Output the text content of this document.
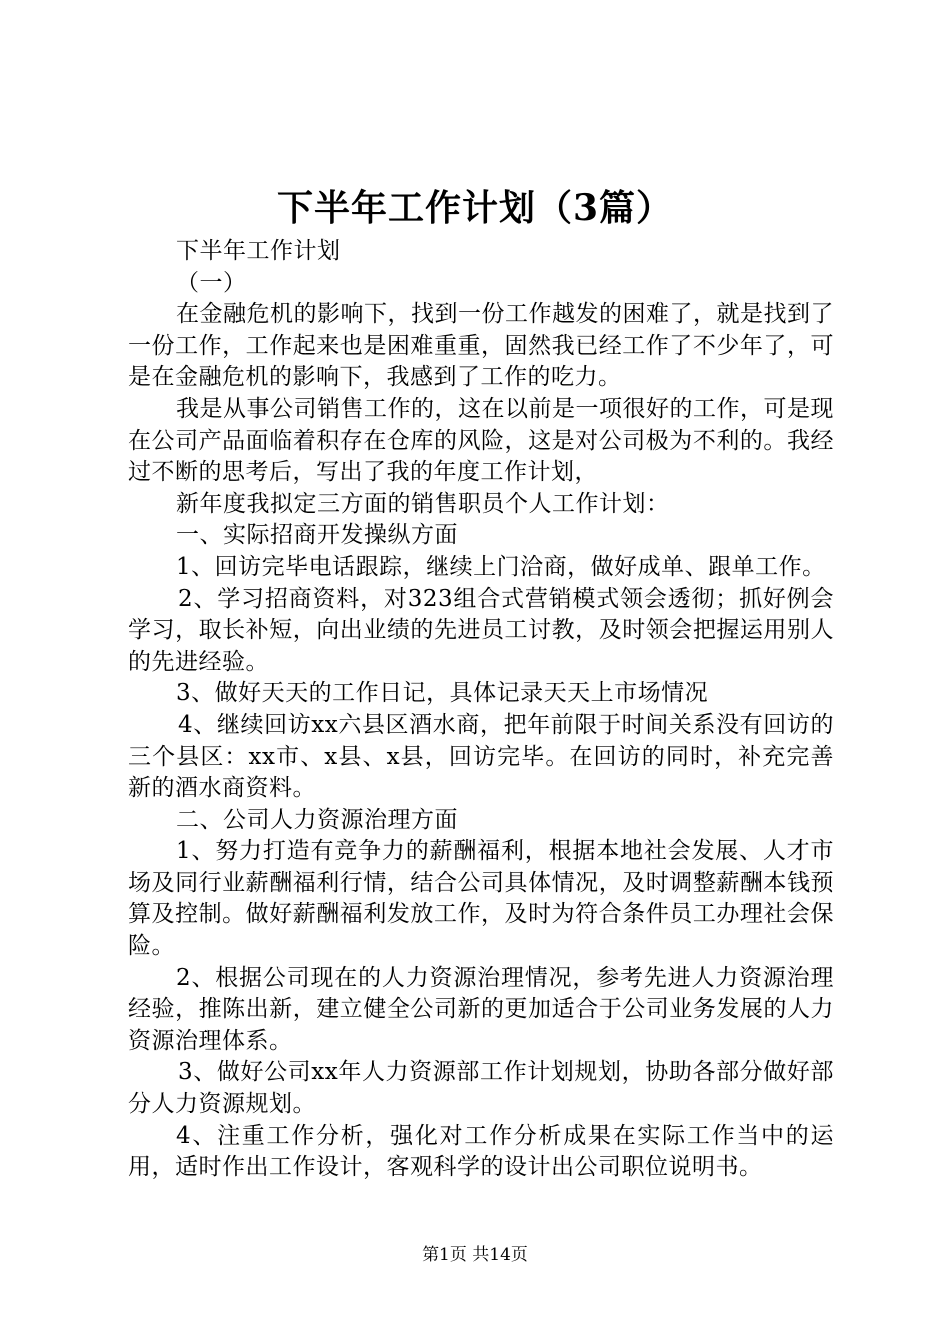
下半年工作计划（3篇）

下半年工作计划

（一）

在金融危机的影响下，找到一份工作越发的困难了，就是找到了一份工作，工作起来也是困难重重，固然我已经工作了不少年了，可是在金融危机的影响下，我感到了工作的吃力。

我是从事公司销售工作的，这在以前是一项很好的工作，可是现在公司产品面临着积存在仓库的风险，这是对公司极为不利的。我经过不断的思考后，写出了我的年度工作计划，

新年度我拟定三方面的销售职员个人工作计划：

一、实际招商开发操纵方面

1、回访完毕电话跟踪，继续上门洽商，做好成单、跟单工作。

2、学习招商资料，对323组合式营销模式领会透彻；抓好例会学习，取长补短，向出业绩的先进员工讨教，及时领会把握运用别人的先进经验。

3、做好天天的工作日记，具体记录天天上市场情况

4、继续回访xx六县区酒水商，把年前限于时间关系没有回访的三个县区：xx市、x县、x县，回访完毕。在回访的同时，补充完善新的酒水商资料。

二、公司人力资源治理方面

1、努力打造有竞争力的薪酬福利，根据本地社会发展、人才市场及同行业薪酬福利行情，结合公司具体情况，及时调整薪酬本钱预算及控制。做好薪酬福利发放工作，及时为符合条件员工办理社会保险。

2、根据公司现在的人力资源治理情况，参考先进人力资源治理经验，推陈出新，建立健全公司新的更加适合于公司业务发展的人力资源治理体系。

3、做好公司xx年人力资源部工作计划规划，协助各部分做好部分人力资源规划。

4、注重工作分析，强化对工作分析成果在实际工作当中的运用，适时作出工作设计，客观科学的设计出公司职位说明书。

第1页 共14页
